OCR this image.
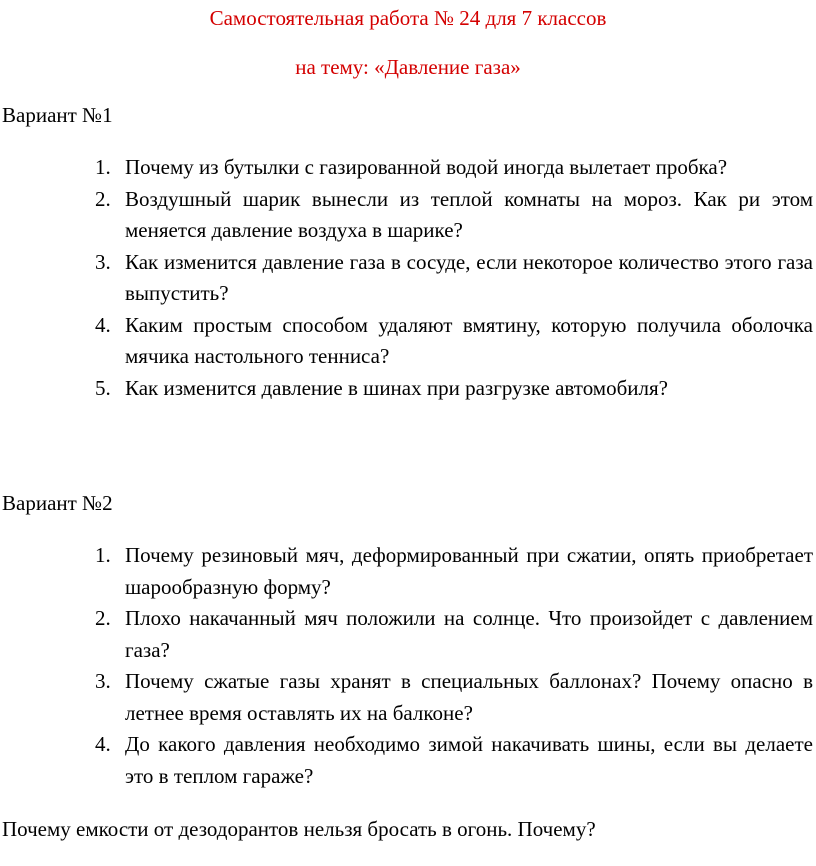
Самостоятельная работа № 24 для 7 классов
на тему: «Давление газа»
Вариант №1
1. Почему из бутылки с газированной водой иногда вылетает пробка?
2. Воздушный шарик вынесли из теплой комнаты на мороз. Как ри этом меняется давление воздуха в шарике?
3. Как изменится давление газа в сосуде, если некоторое количество этого газа выпустить?
4. Каким простым способом удаляют вмятину, которую получила оболочка мячика настольного тенниса?
5. Как изменится давление в шинах при разгрузке автомобиля?
Вариант №2
1. Почему резиновый мяч, деформированный при сжатии, опять приобретает шарообразную форму?
2. Плохо накачанный мяч положили на солнце. Что произойдет с давлением газа?
3. Почему сжатые газы хранят в специальных баллонах? Почему опасно в летнее время оставлять их на балконе?
4. До какого давления необходимо зимой накачивать шины, если вы делаете это в теплом гараже?
Почему емкости от дезодорантов нельзя бросать в огонь. Почему?
